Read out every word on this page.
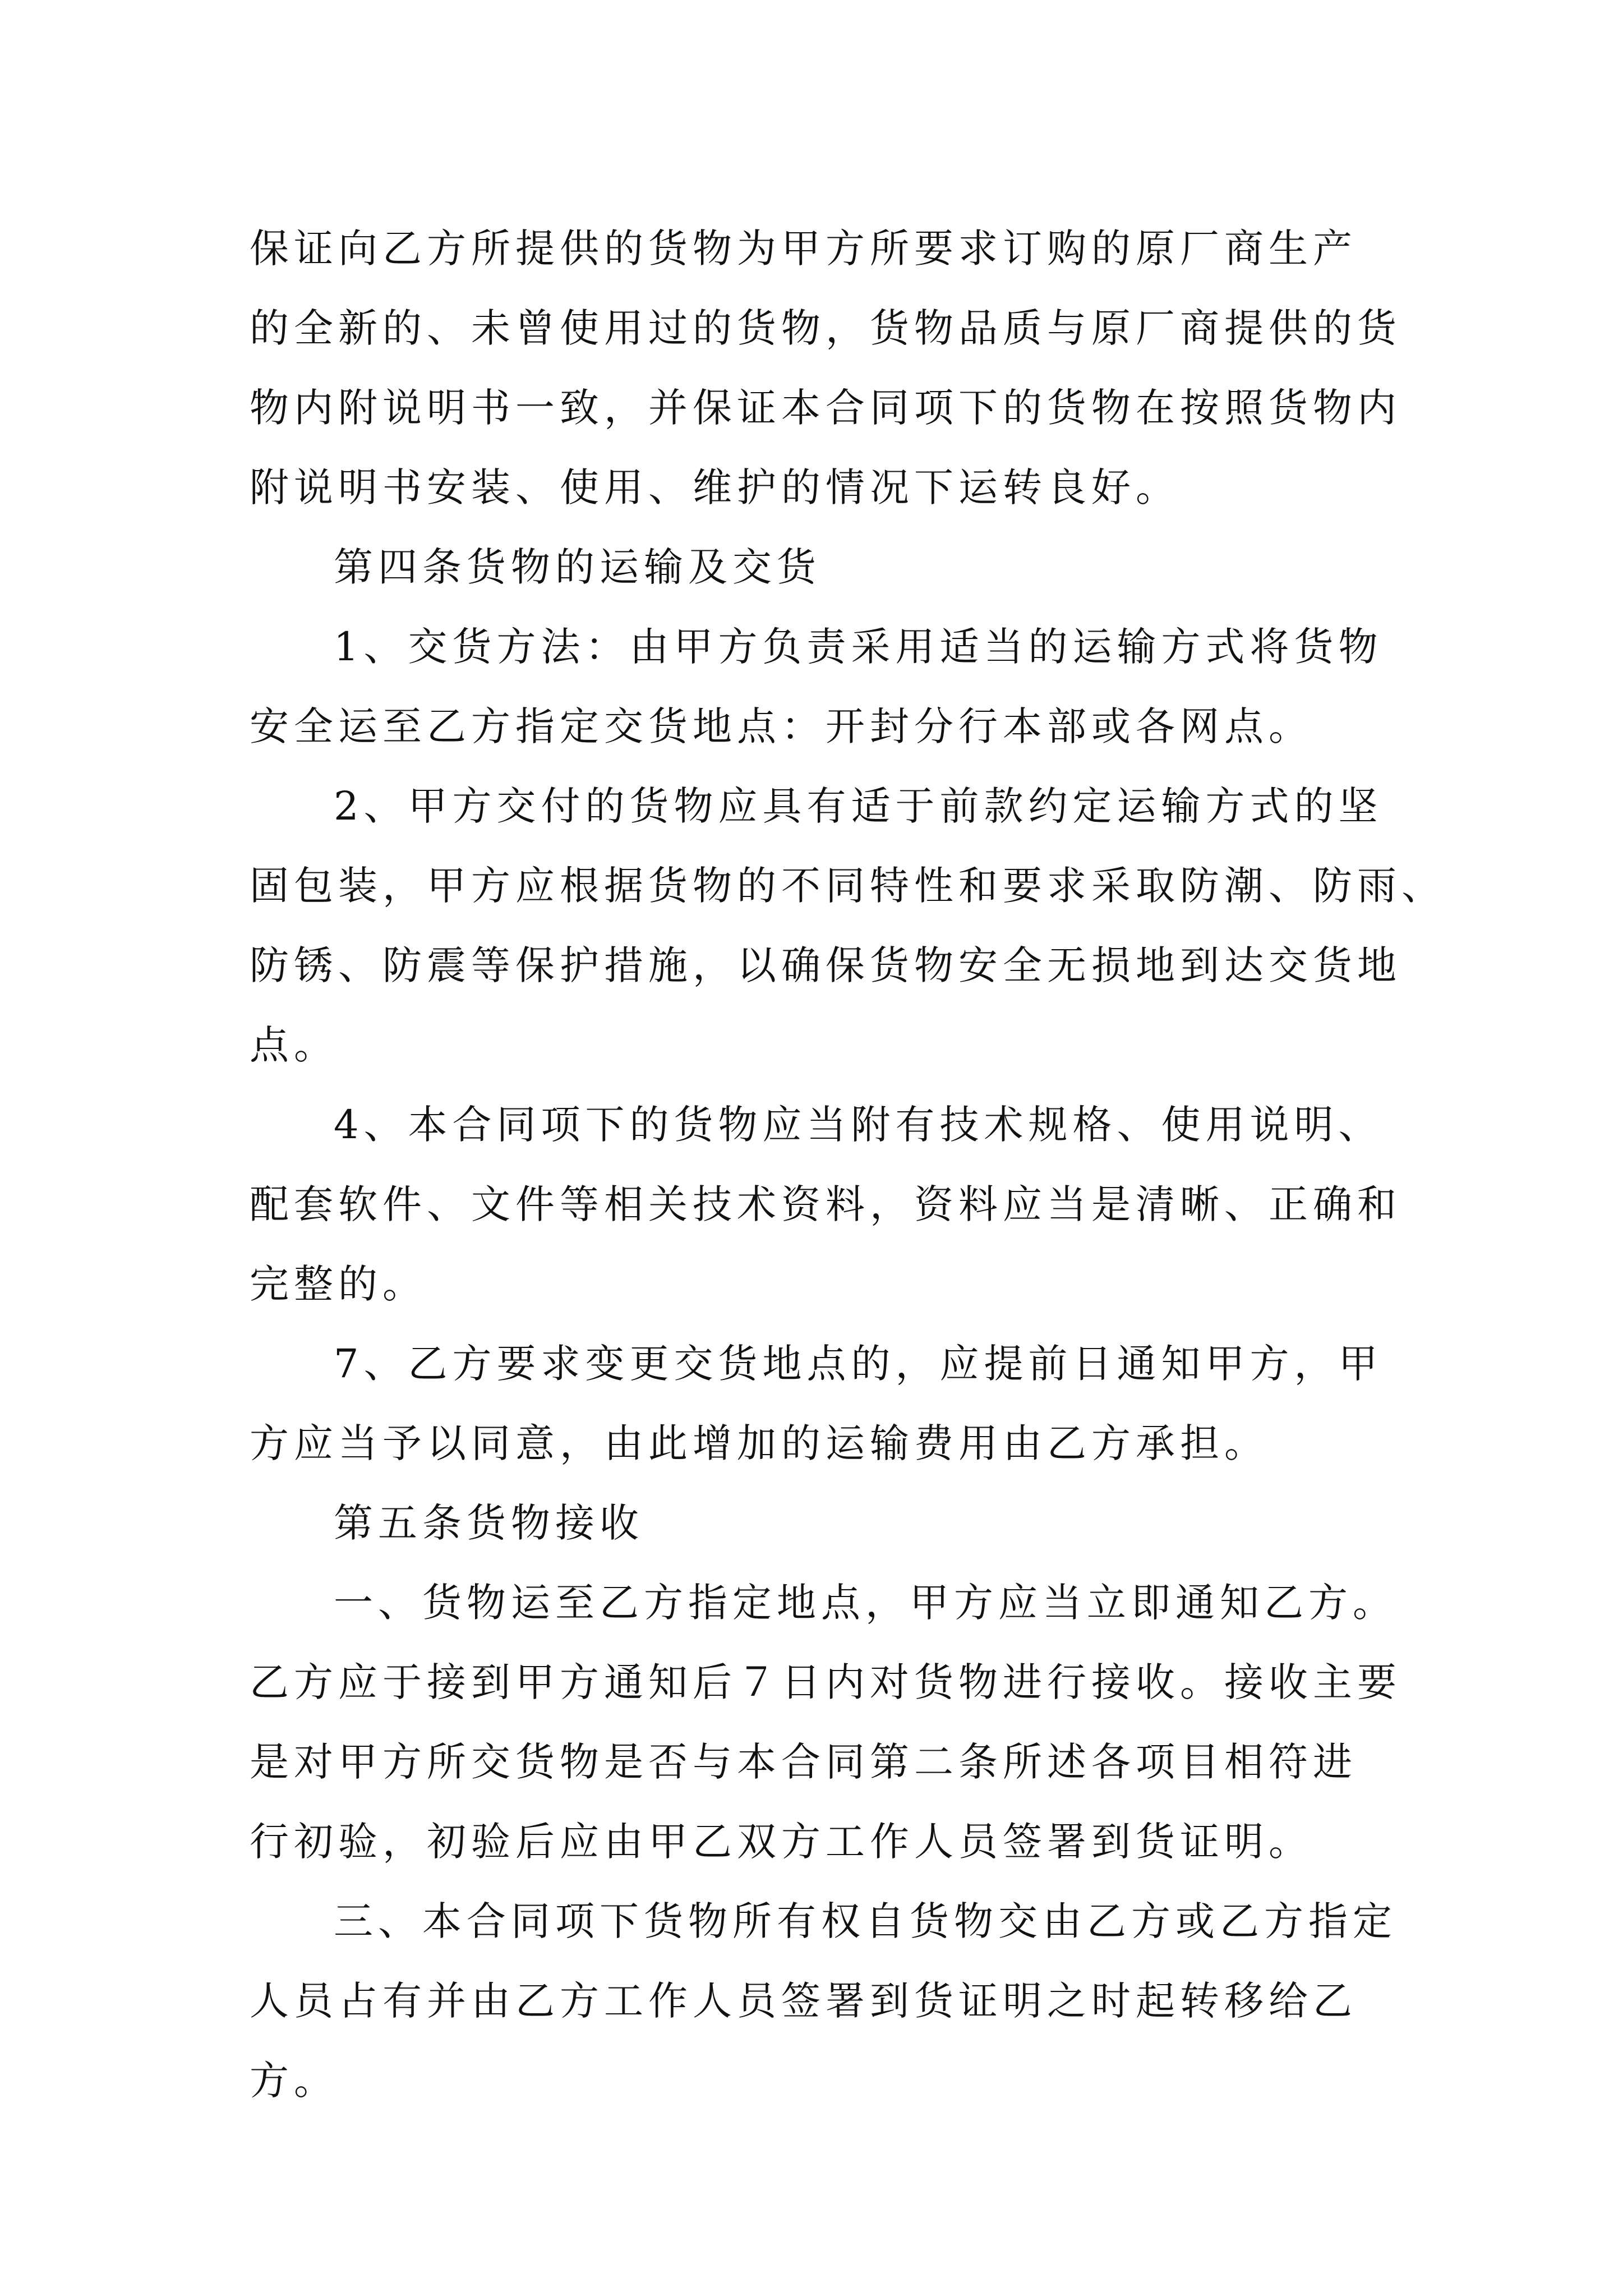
保证向乙方所提供的货物为甲方所要求订购的原厂商生产
的全新的、未曾使用过的货物，货物品质与原厂商提供的货
物内附说明书一致，并保证本合同项下的货物在按照货物内
附说明书安装、使用、维护的情况下运转良好。
第四条货物的运输及交货
1、交货方法：由甲方负责采用适当的运输方式将货物
安全运至乙方指定交货地点：开封分行本部或各网点。
2、甲方交付的货物应具有适于前款约定运输方式的坚
固包装，甲方应根据货物的不同特性和要求采取防潮、防雨、
防锈、防震等保护措施，以确保货物安全无损地到达交货地
点。
4、本合同项下的货物应当附有技术规格、使用说明、
配套软件、文件等相关技术资料，资料应当是清晰、正确和
完整的。
7、乙方要求变更交货地点的，应提前日通知甲方，甲
方应当予以同意，由此增加的运输费用由乙方承担。
第五条货物接收
一、货物运至乙方指定地点，甲方应当立即通知乙方。
乙方应于接到甲方通知后７日内对货物进行接收。接收主要
是对甲方所交货物是否与本合同第二条所述各项目相符进
行初验，初验后应由甲乙双方工作人员签署到货证明。
三、本合同项下货物所有权自货物交由乙方或乙方指定
人员占有并由乙方工作人员签署到货证明之时起转移给乙
方。
